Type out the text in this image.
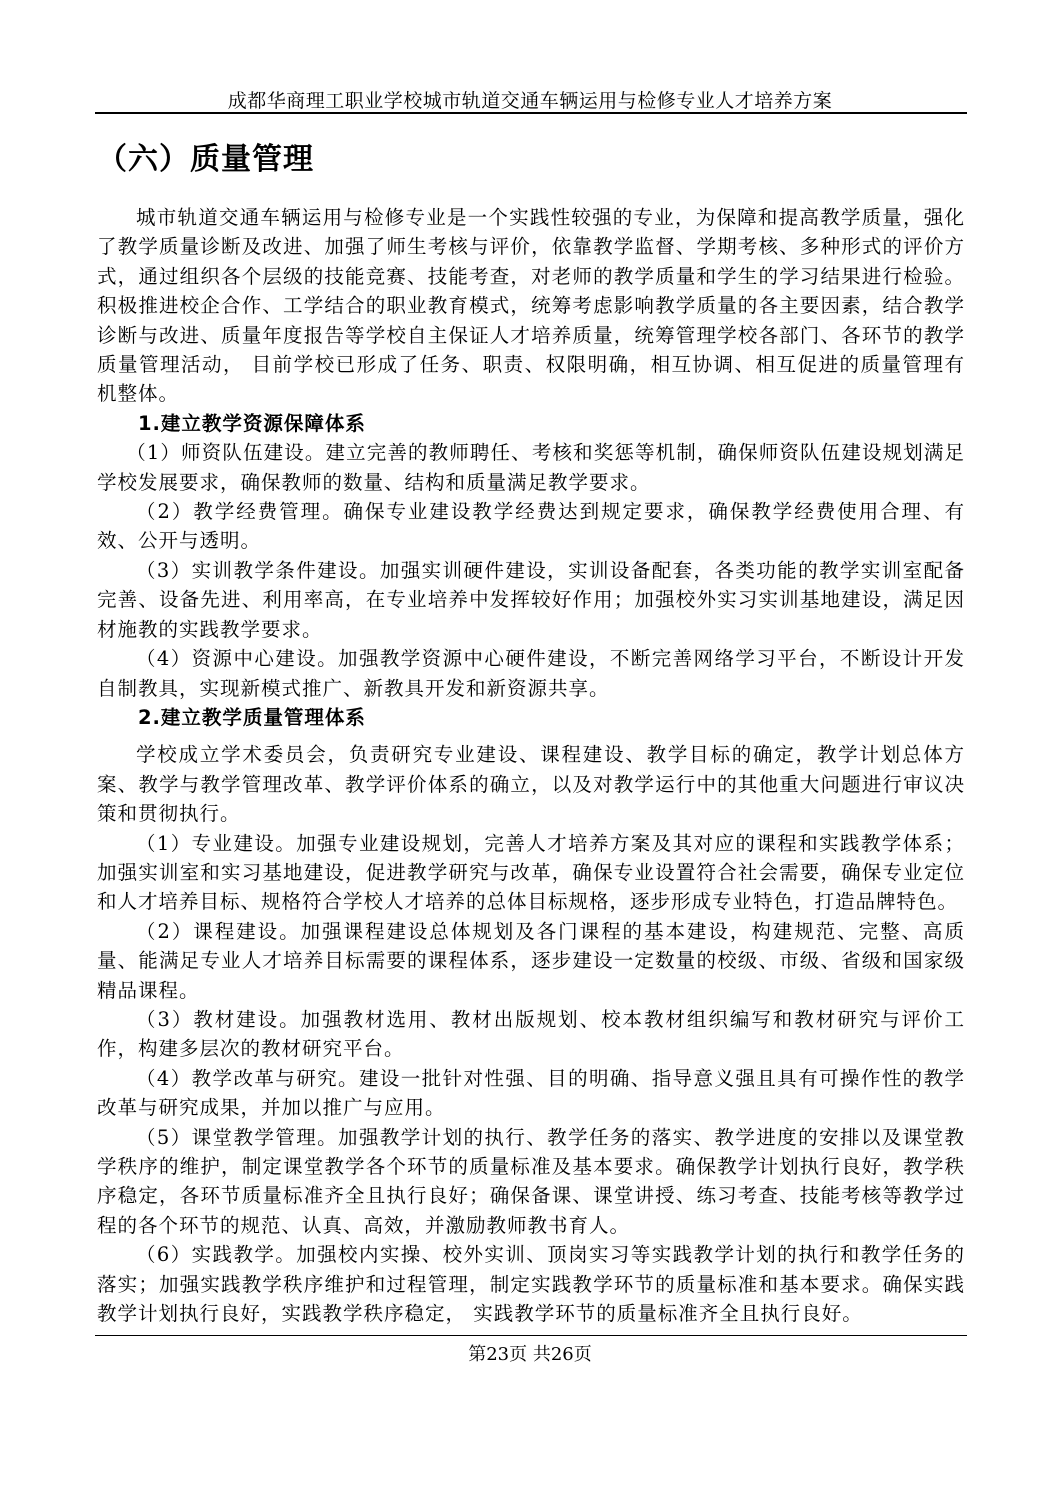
成都华商理工职业学校城市轨道交通车辆运用与检修专业人才培养方案
（六）质量管理

城市轨道交通车辆运用与检修专业是一个实践性较强的专业，为保障和提高教学质量，强化了教学质量诊断及改进、加强了师生考核与评价，依靠教学监督、学期考核、多种形式的评价方式，通过组织各个层级的技能竞赛、技能考查，对老师的教学质量和学生的学习结果进行检验。积极推进校企合作、工学结合的职业教育模式，统筹考虑影响教学质量的各主要因素，结合教学诊断与改进、质量年度报告等学校自主保证人才培养质量，统筹管理学校各部门、各环节的教学质量管理活动， 目前学校已形成了任务、职责、权限明确，相互协调、相互促进的质量管理有机整体。

1.建立教学资源保障体系

（1）师资队伍建设。建立完善的教师聘任、考核和奖惩等机制，确保师资队伍建设规划满足学校发展要求，确保教师的数量、结构和质量满足教学要求。

（2）教学经费管理。确保专业建设教学经费达到规定要求，确保教学经费使用合理、有效、公开与透明。

（3）实训教学条件建设。加强实训硬件建设，实训设备配套，各类功能的教学实训室配备完善、设备先进、利用率高，在专业培养中发挥较好作用；加强校外实习实训基地建设，满足因材施教的实践教学要求。

（4）资源中心建设。加强教学资源中心硬件建设，不断完善网络学习平台，不断设计开发自制教具，实现新模式推广、新教具开发和新资源共享。

2.建立教学质量管理体系

学校成立学术委员会，负责研究专业建设、课程建设、教学目标的确定，教学计划总体方案、教学与教学管理改革、教学评价体系的确立，以及对教学运行中的其他重大问题进行审议决策和贯彻执行。

（1）专业建设。加强专业建设规划，完善人才培养方案及其对应的课程和实践教学体系；加强实训室和实习基地建设，促进教学研究与改革，确保专业设置符合社会需要，确保专业定位和人才培养目标、规格符合学校人才培养的总体目标规格，逐步形成专业特色，打造品牌特色。

（2）课程建设。加强课程建设总体规划及各门课程的基本建设，构建规范、完整、高质量、能满足专业人才培养目标需要的课程体系，逐步建设一定数量的校级、市级、省级和国家级精品课程。

（3）教材建设。加强教材选用、教材出版规划、校本教材组织编写和教材研究与评价工作，构建多层次的教材研究平台。

（4）教学改革与研究。建设一批针对性强、目的明确、指导意义强且具有可操作性的教学改革与研究成果，并加以推广与应用。

（5）课堂教学管理。加强教学计划的执行、教学任务的落实、教学进度的安排以及课堂教学秩序的维护，制定课堂教学各个环节的质量标准及基本要求。确保教学计划执行良好，教学秩序稳定，各环节质量标准齐全且执行良好；确保备课、课堂讲授、练习考查、技能考核等教学过程的各个环节的规范、认真、高效，并激励教师教书育人。

（6）实践教学。加强校内实操、校外实训、顶岗实习等实践教学计划的执行和教学任务的落实；加强实践教学秩序维护和过程管理，制定实践教学环节的质量标准和基本要求。确保实践教学计划执行良好，实践教学秩序稳定， 实践教学环节的质量标准齐全且执行良好。

第23页 共26页
